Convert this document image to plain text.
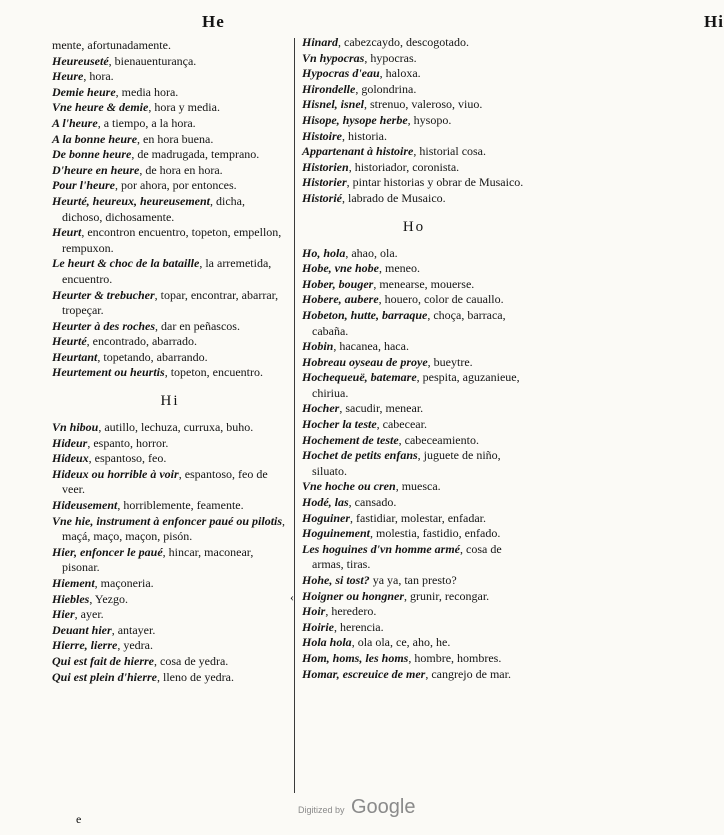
He

mente, afortunadamente.

Heureuseté, bienauenturança.

Heure, hora.

Demie heure, media hora.

Vne heure & demie, hora y media.

A l'heure, a tiempo, a la hora.

A la bonne heure, en hora buena.

De bonne heure, de madrugada, temprano.

D'heure en heure, de hora en hora.

Pour l'heure, por ahora, por entonces.

Heurté, heureux, heureusement, dicha, dichoso, dichosamente.

Heurt, encontron encuentro, topeton, empellon, rempuxon.

Le heurt & choc de la bataille, la arremetida, encuentro.

Heurter & trebucher, topar, encontrar, abarrar, tropeçar.

Heurter à des roches, dar en peñascos.

Heurté, encontrado, abarrado.

Heurtant, topetando, abarrando.

Heurtement ou heurtis, topeton, encuentro.

Hi

Vn hibou, autillo, lechuza, curruxa, buho.

Hideur, espanto, horror.

Hideux, espantoso, feo.

Hideux ou horrible à voir, espantoso, feo de veer.

Hideusement, horriblemente, feamente.

Vne hie, instrument à enfoncer paué ou pilotis, maçá, maço, maçon, pisón.

Hier, enfoncer le paué, hincar, maconear, pisonar.

Hiement, maçoneria.

Hiebles, Yezgo.

Hier, ayer.

Deuant hier, antayer.

Hierre, lierre, yedra.

Qui est fait de hierre, cosa de yedra.

Qui est plein d'hierre, lleno de yedra.

Hi

Hinard, cabezcaydo, descogotado.

Vn hypocras, hypocras.

Hypocras d'eau, haloxa.

Hirondelle, golondrina.

Hisnel, isnel, strenuo, valeroso, viuo.

Hisope, hysope herbe, hysopo.

Histoire, historia.

Appartenant à histoire, historial cosa.

Historien, historiador, coronista.

Historier, pintar historias y obrar de Musaico.

Historié, labrado de Musaico.

Ho

Ho, hola, ahao, ola.

Hobe, vne hobe, meneo.

Hober, bouger, menearse, mouerse.

Hobere, aubere, houero, color de cauallo.

Hobeton, hutte, barraque, choça, barraca, cabaña.

Hobin, hacanea, haca.

Hobreau oyseau de proye, bueytre.

Hochequeuë, batemare, pespita, aguzanieue, chiriua.

Hocher, sacudir, menear.

Hocher la teste, cabecear.

Hochement de teste, cabeceamiento.

Hochet de petits enfans, juguete de niño, siluato.

Vne hoche ou cren, muesca.

Hodé, las, cansado.

Hoguiner, fastidiar, molestar, enfadar.

Hoguinement, molestia, fastidio, enfado.

Les hoguines d'vn homme armé, cosa de armas, tiras.

Hohe, si tost? ya ya, tan presto?

Hoigner ou hongner, grunir, recongar.

Hoir, heredero.

Hoirie, herencia.

Hola hola, ola ola, ce, aho, he.

Hom, homs, les homs, hombre, hombres.

Homar, escreuice de mer, cangrejo de mar.

‹
e
Digitized by Google
